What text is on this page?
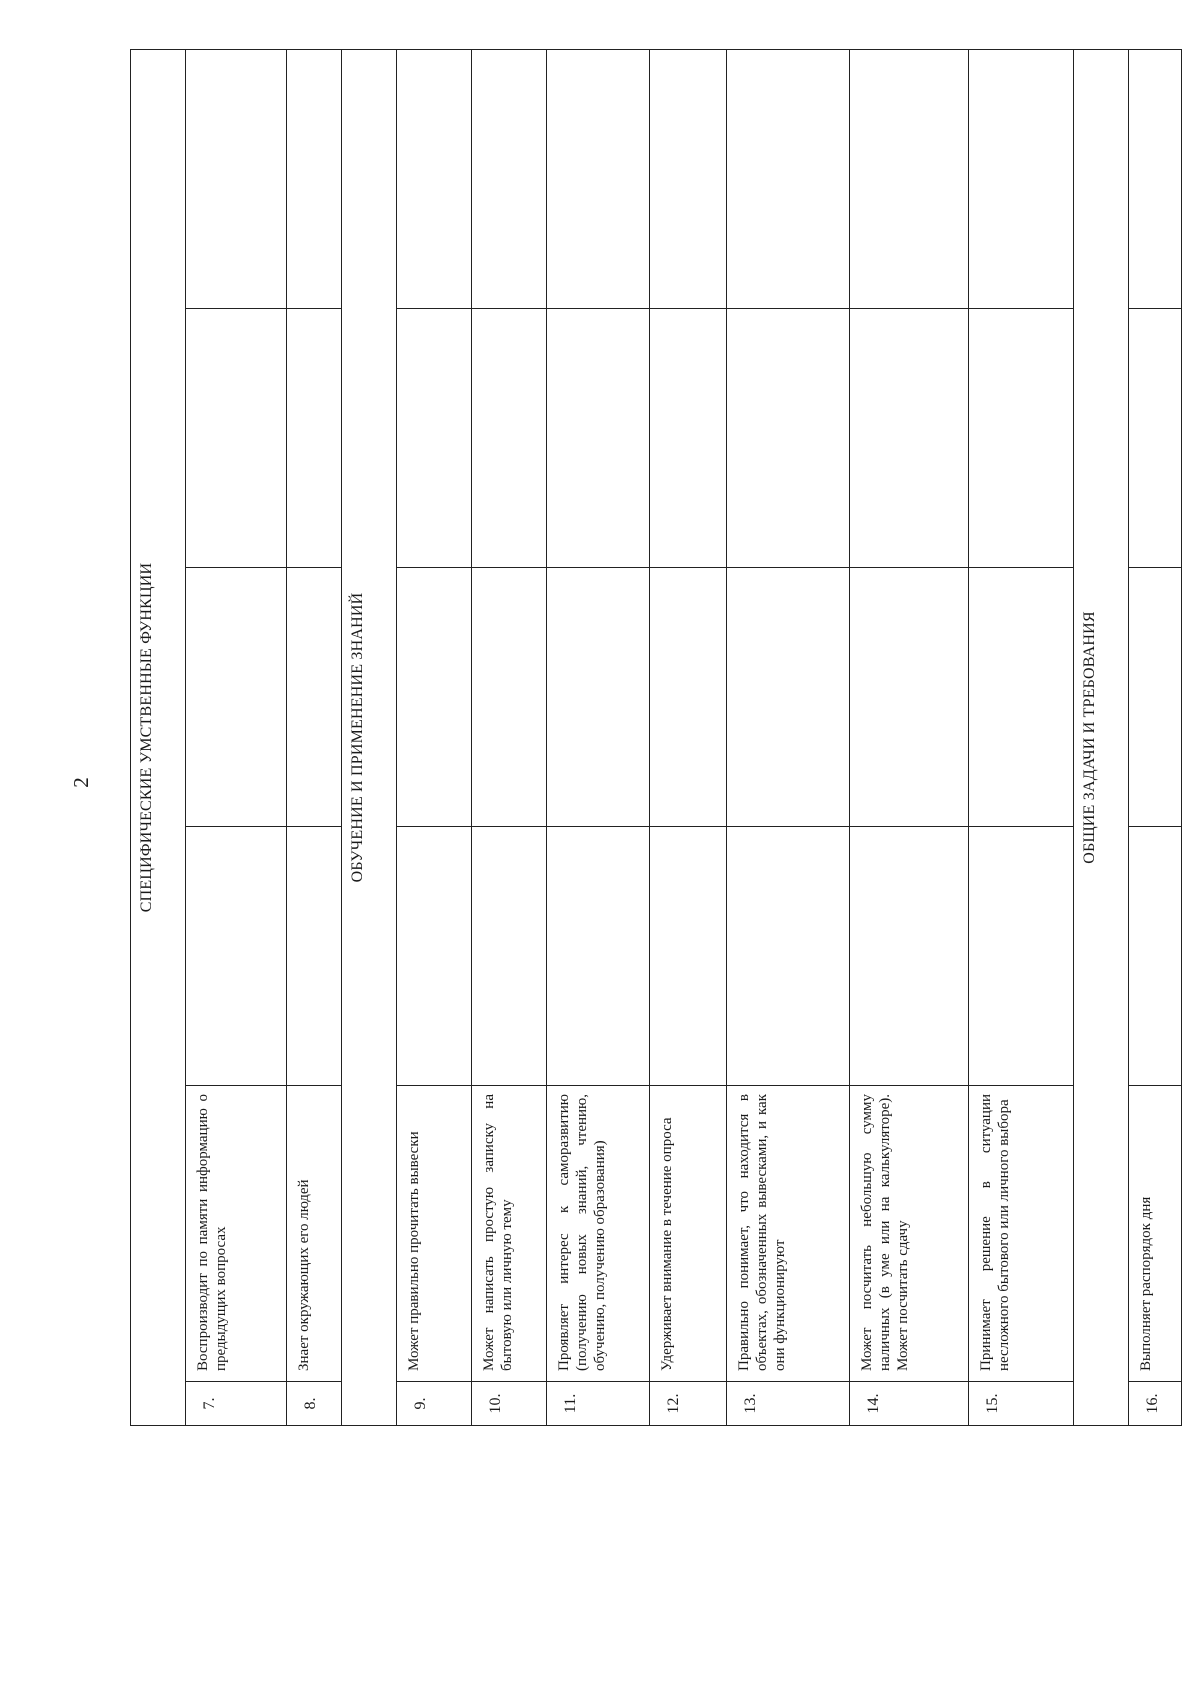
2	СПЕЦИФИЧЕСКИЕ УМСТВЕННЫЕ ФУНКЦИИ					
7.	Воспроизводит по памяти информацию о предыдущих вопросах				
8.	Знает окружающих его людей				
ОБУЧЕНИЕ И ПРИМЕНЕНИЕ ЗНАНИЙ					
9.	Может правильно прочитать вывески				
10.	Может написать простую записку на бытовую или личную тему				
11.	Проявляет интерес к саморазвитию (получению новых знаний, чтению, обучению, получению образования)				
12.	Удерживает внимание в течение опроса				
13.	Правильно понимает, что находится в объектах, обозначенных вывесками, и как они функционируют				
14.	Может посчитать небольшую сумму наличных (в уме или на калькуляторе). Может посчитать сдачу				
15.	Принимает решение в ситуации несложного бытового или личного выбора				
ОБЩИЕ ЗАДАЧИ И ТРЕБОВАНИЯ					
16.	Выполняет распорядок дня				
